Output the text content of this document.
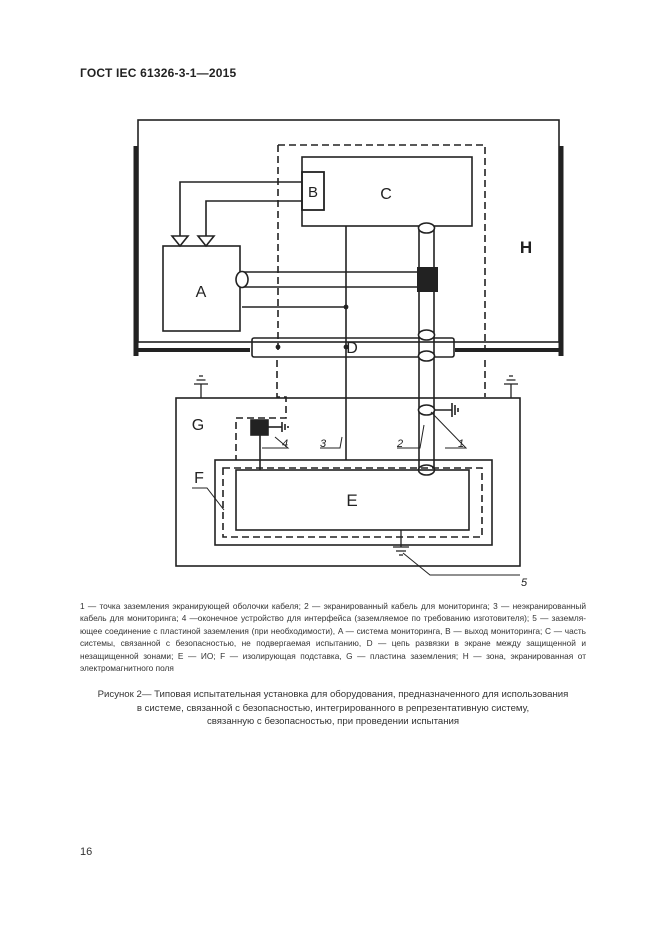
ГОСТ IEC 61326-3-1—2015
B	C
A
D
H
G
F
E
4	3	2	1
5
1 — точка заземления экранирующей оболочки кабеля; 2 — экранированный кабель для мониторинга; 3 — неэкранированный кабель для мониторинга; 4 —оконечное устройство для интерфейса (заземляемое по требованию изготовителя); 5 — заземля- ющее соединение с пластиной заземления (при необходимости), A — система мониторинга, B — выход мониторинга; C — часть системы, связанной с безопасностью, не подвергаемая испытанию, D — цепь развязки в экране между защищенной и незащищенной зонами; E — ИО; F — изолирующая подставка, G — пластина заземления; H — зона, экранированная от электромагнитного поля
Рисунок 2— Типовая испытательная установка для оборудования, предназначенного для использования
в системе, связанной с безопасностью, интегрированного в репрезентативную систему,
связанную с безопасностью, при проведении испытания
16
